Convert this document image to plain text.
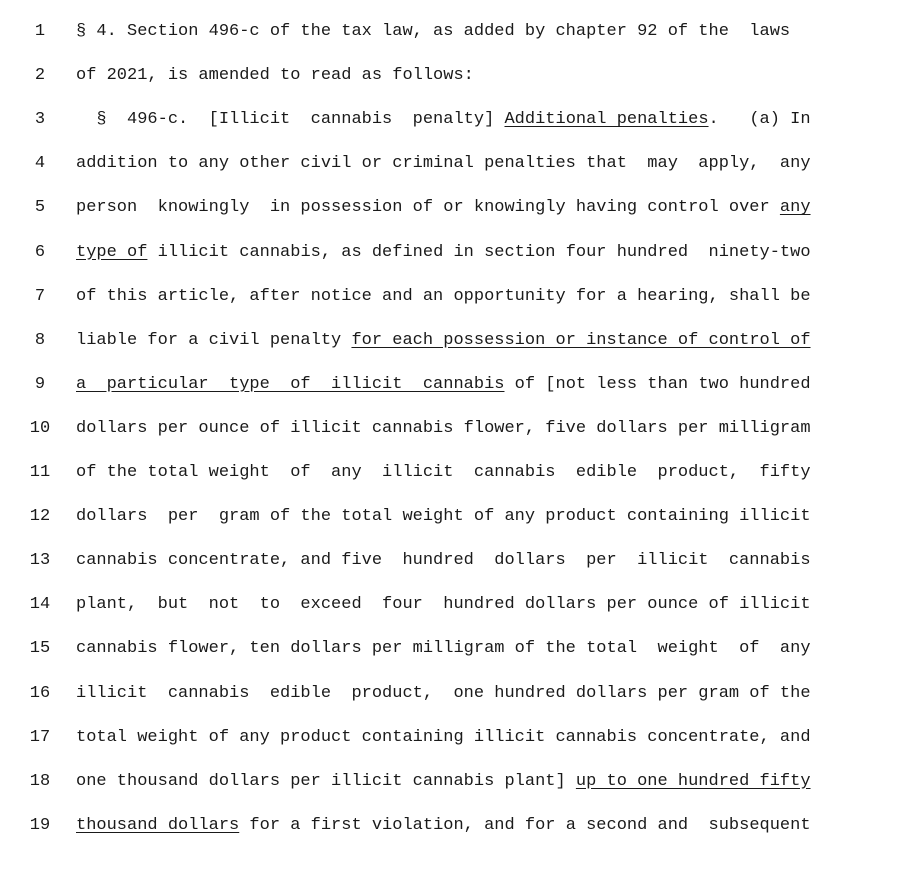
1	§ 4. Section 496-c of the tax law, as added by chapter 92 of the  laws
2	of 2021, is amended to read as follows:
3	§  496-c.  [Illicit  cannabis  penalty] Additional penalties .   (a) In
4	addition to any other civil or criminal penalties that  may  apply,  any
5	person  knowingly  in possession of or knowingly having control over any
6	type of illicit cannabis, as defined in section four hundred  ninety-two
7	of this article, after notice and an opportunity for a hearing, shall be
8	liable for a civil penalty for each possession or instance of control of
9	a  particular  type  of  illicit  cannabis of [not less than two hundred
10	dollars per ounce of illicit cannabis flower, five dollars per milligram
11	of the total weight  of  any  illicit  cannabis  edible  product,  fifty
12	dollars  per  gram of the total weight of any product containing illicit
13	cannabis concentrate, and five  hundred  dollars  per  illicit  cannabis
14	plant,  but  not  to  exceed  four  hundred dollars per ounce of illicit
15	cannabis flower, ten dollars per milligram of the total  weight  of  any
16	illicit  cannabis  edible  product,  one hundred dollars per gram of the
17	total weight of any product containing illicit cannabis concentrate, and
18	one thousand dollars per illicit cannabis plant] up to one hundred fifty
19	thousand dollars for a first violation, and for a second and  subsequent
